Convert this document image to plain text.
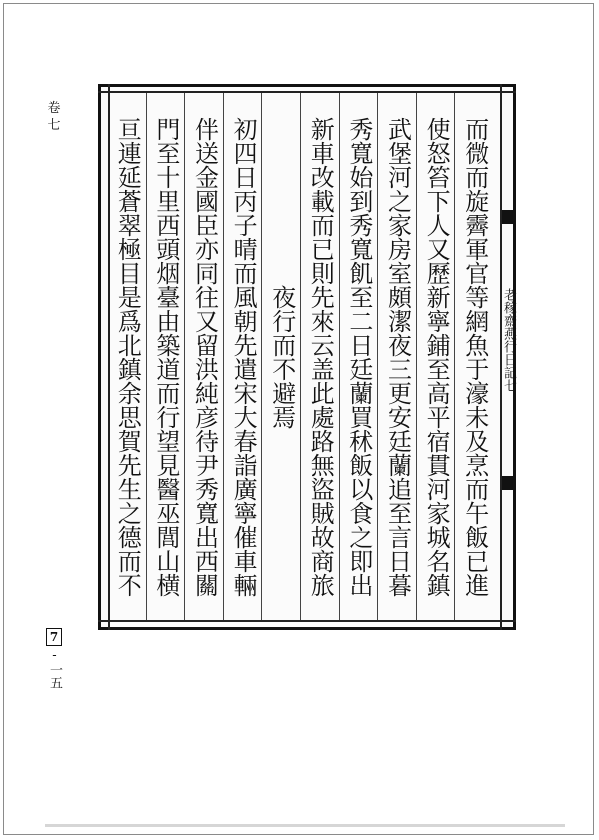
卷七
老稼齋燕行日記七
而微而旋霽軍官等網魚于濠未及烹而午飯已進
使怒笞下人又歷新寧鋪至高平宿貫河家城名鎮
武堡河之家房室頗潔夜三更安廷蘭追至言日暮
秀寬始到秀寬飢至二日廷蘭買秫飯以食之即出
新車改載而已則先來云盖此處路無盜賊故商旅
夜行而不避焉
初四日丙子晴而風朝先遣宋大春詣廣寧催車輛
伴送金國臣亦同往又留洪純彦待尹秀寬出西關
門至十里西頭烟臺由築道而行望見醫巫閭山横
亘連延蒼翠極目是爲北鎮余思賀先生之德而不
7
-一五
